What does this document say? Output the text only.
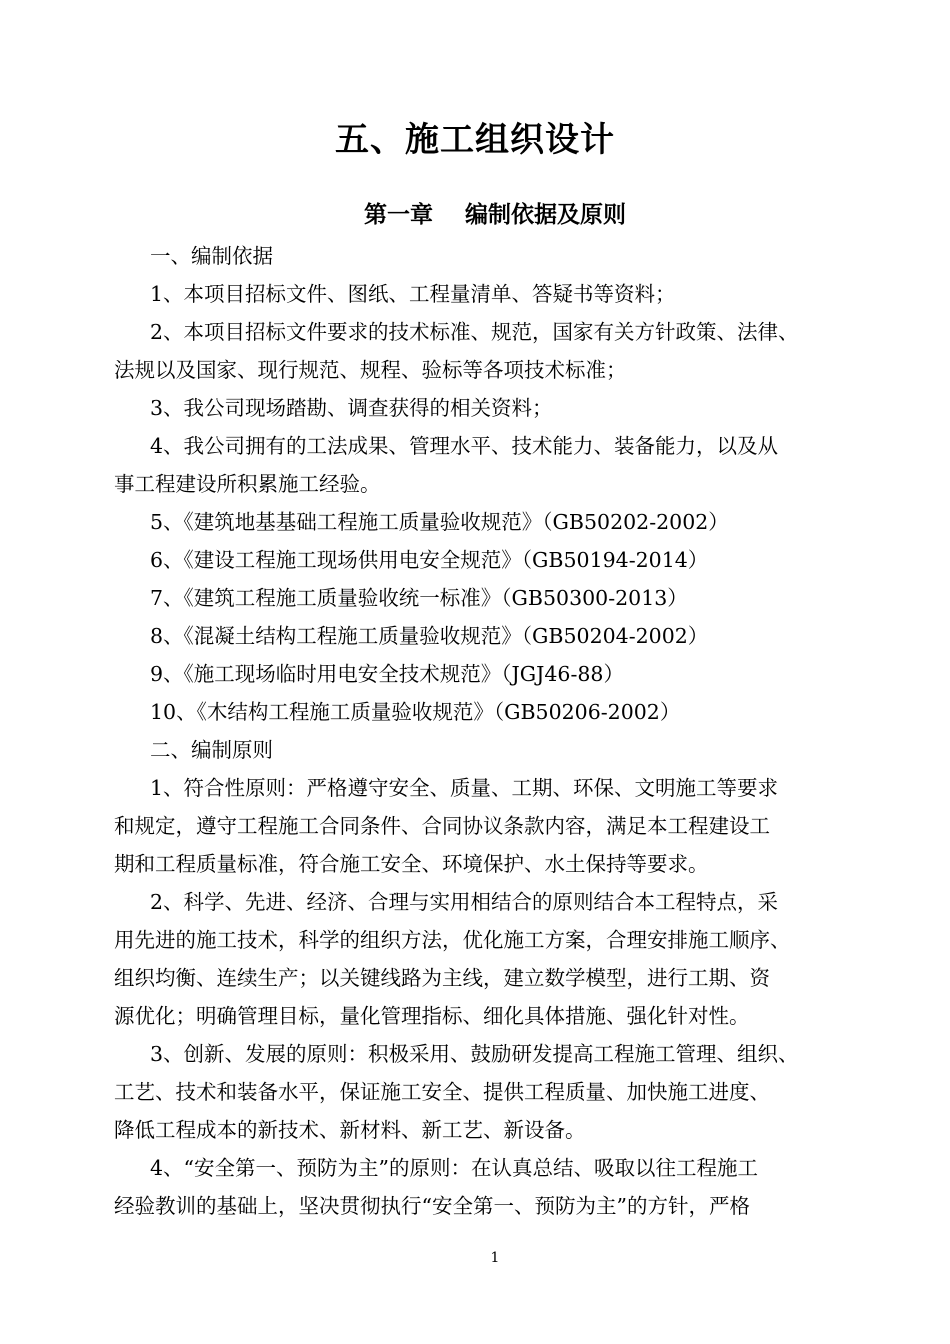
五、施工组织设计
第一章 编制依据及原则
一、编制依据
1、本项目招标文件、图纸、工程量清单、答疑书等资料；
2、本项目招标文件要求的技术标准、规范，国家有关方针政策、法律、
法规以及国家、现行规范、规程、验标等各项技术标准；
3、我公司现场踏勘、调查获得的相关资料；
4、我公司拥有的工法成果、管理水平、技术能力、装备能力，以及从
事工程建设所积累施工经验。
5、《建筑地基基础工程施工质量验收规范》（GB50202-2002）
6、《建设工程施工现场供用电安全规范》（GB50194-2014）
7、《建筑工程施工质量验收统一标准》（GB50300-2013）
8、《混凝土结构工程施工质量验收规范》（GB50204-2002）
9、《施工现场临时用电安全技术规范》（JGJ46-88）
10、《木结构工程施工质量验收规范》（GB50206-2002）
二、编制原则
1、符合性原则：严格遵守安全、质量、工期、环保、文明施工等要求
和规定，遵守工程施工合同条件、合同协议条款内容，满足本工程建设工
期和工程质量标准，符合施工安全、环境保护、水土保持等要求。
2、科学、先进、经济、合理与实用相结合的原则结合本工程特点，采
用先进的施工技术，科学的组织方法，优化施工方案，合理安排施工顺序、
组织均衡、连续生产；以关键线路为主线，建立数学模型，进行工期、资
源优化；明确管理目标，量化管理指标、细化具体措施、强化针对性。
3、创新、发展的原则：积极采用、鼓励研发提高工程施工管理、组织、
工艺、技术和装备水平，保证施工安全、提供工程质量、加快施工进度、
降低工程成本的新技术、新材料、新工艺、新设备。
4、“安全第一、预防为主”的原则：在认真总结、吸取以往工程施工
经验教训的基础上，坚决贯彻执行“安全第一、预防为主”的方针，严格
1
